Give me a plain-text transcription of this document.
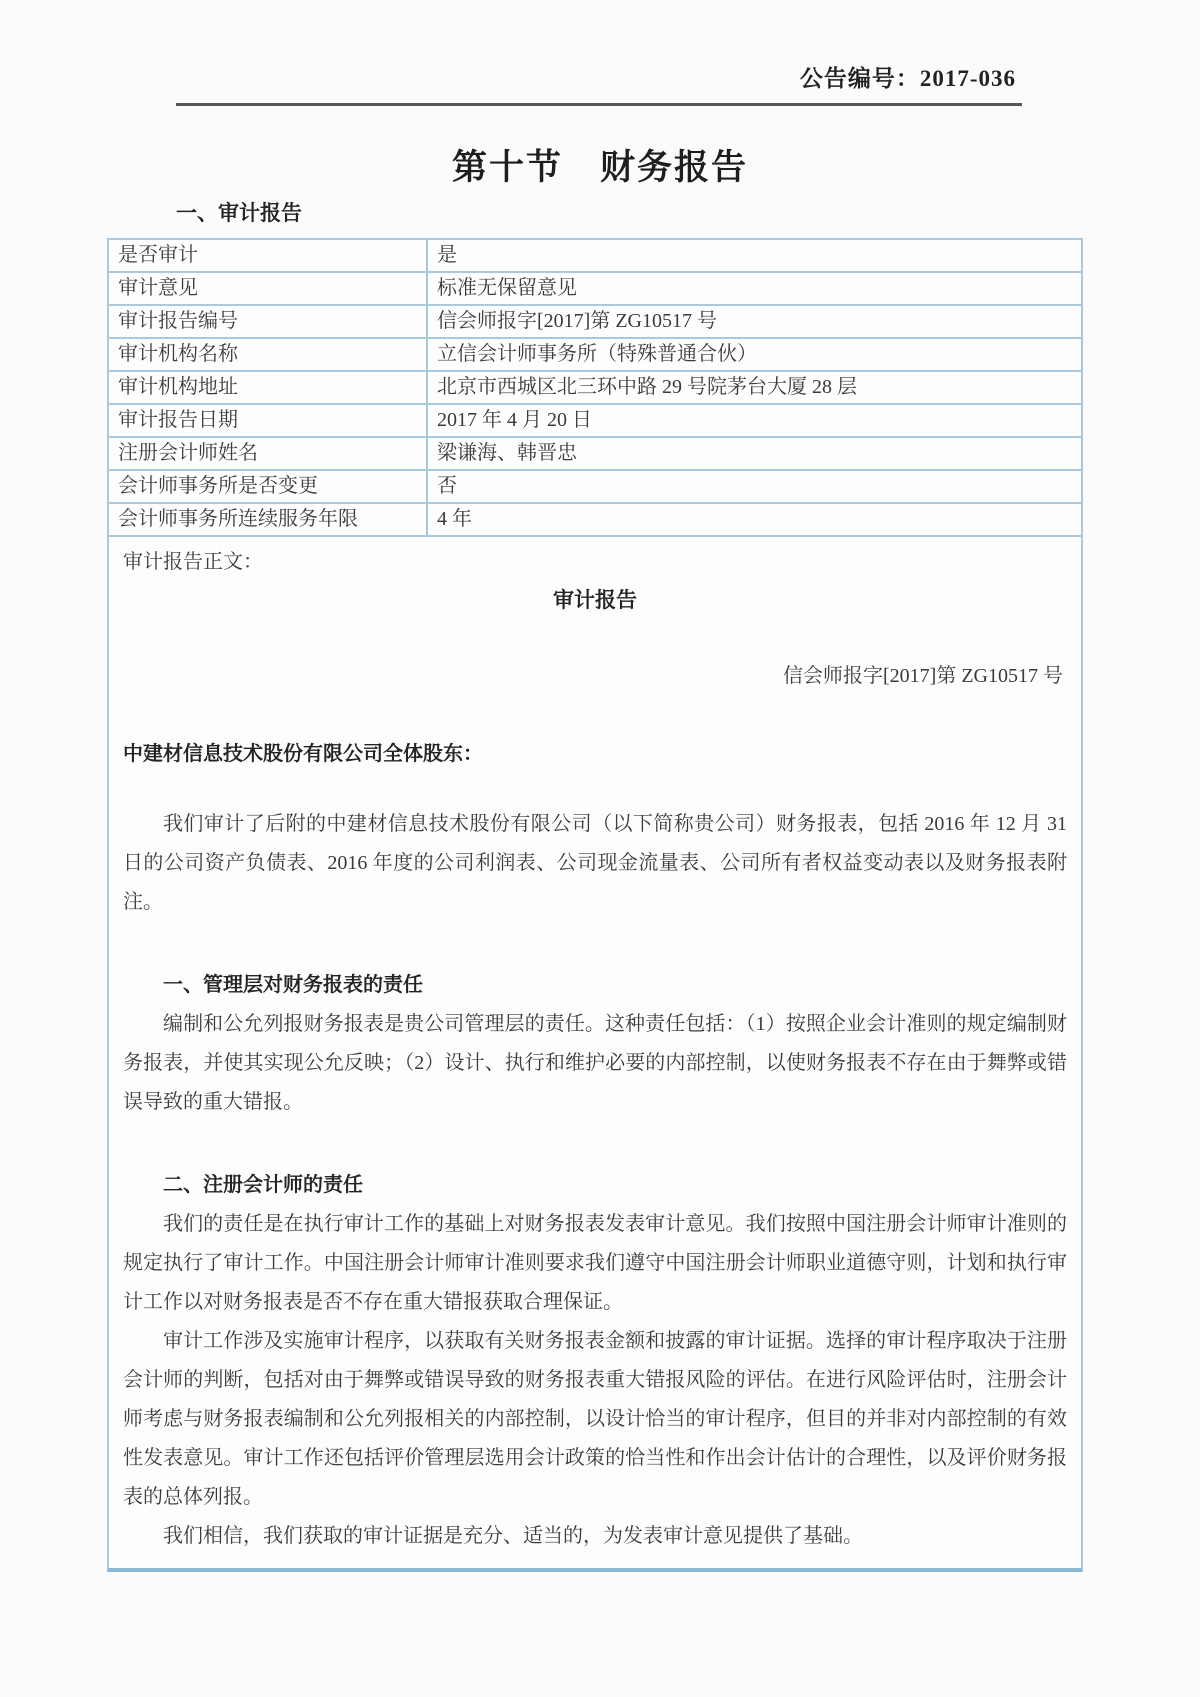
公告编号：2017-036
第十节　财务报告
一、审计报告
是否审计	是
审计意见	标准无保留意见
审计报告编号	信会师报字[2017]第 ZG10517 号
审计机构名称	立信会计师事务所（特殊普通合伙）
审计机构地址	北京市西城区北三环中路 29 号院茅台大厦 28 层
审计报告日期	2017 年 4 月 20 日
注册会计师姓名	梁谦海、韩晋忠
会计师事务所是否变更	否
会计师事务所连续服务年限	4 年
审计报告正文：
审计报告
信会师报字[2017]第 ZG10517 号
中建材信息技术股份有限公司全体股东：

我们审计了后附的中建材信息技术股份有限公司（以下简称贵公司）财务报表，包括 2016 年 12 月 31 日的公司资产负债表、2016 年度的公司利润表、公司现金流量表、公司所有者权益变动表以及财务报表附注。

一、管理层对财务报表的责任

编制和公允列报财务报表是贵公司管理层的责任。这种责任包括：（1）按照企业会计准则的规定编制财务报表，并使其实现公允反映；（2）设计、执行和维护必要的内部控制，以使财务报表不存在由于舞弊或错误导致的重大错报。

二、注册会计师的责任

我们的责任是在执行审计工作的基础上对财务报表发表审计意见。我们按照中国注册会计师审计准则的规定执行了审计工作。中国注册会计师审计准则要求我们遵守中国注册会计师职业道德守则，计划和执行审计工作以对财务报表是否不存在重大错报获取合理保证。

审计工作涉及实施审计程序，以获取有关财务报表金额和披露的审计证据。选择的审计程序取决于注册会计师的判断，包括对由于舞弊或错误导致的财务报表重大错报风险的评估。在进行风险评估时，注册会计师考虑与财务报表编制和公允列报相关的内部控制，以设计恰当的审计程序，但目的并非对内部控制的有效性发表意见。审计工作还包括评价管理层选用会计政策的恰当性和作出会计估计的合理性，以及评价财务报表的总体列报。

我们相信，我们获取的审计证据是充分、适当的，为发表审计意见提供了基础。
